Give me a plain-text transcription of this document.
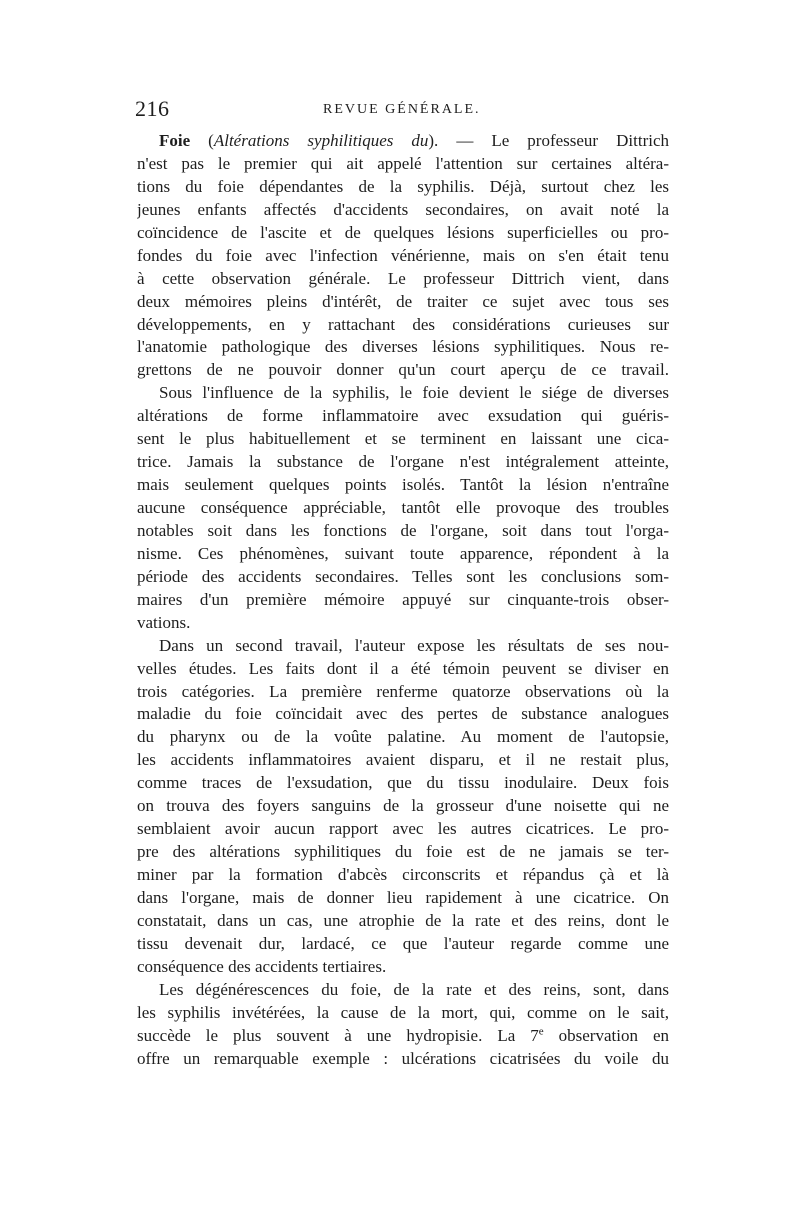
216	REVUE GÉNÉRALE.
Foie (Altérations syphilitiques du). — Le professeur Dittrich
n'est pas le premier qui ait appelé l'attention sur certaines altéra-
tions du foie dépendantes de la syphilis. Déjà, surtout chez les
jeunes enfants affectés d'accidents secondaires, on avait noté la
coïncidence de l'ascite et de quelques lésions superficielles ou pro-
fondes du foie avec l'infection vénérienne, mais on s'en était tenu
à cette observation générale. Le professeur Dittrich vient, dans
deux mémoires pleins d'intérêt, de traiter ce sujet avec tous ses
développements, en y rattachant des considérations curieuses sur
l'anatomie pathologique des diverses lésions syphilitiques. Nous re-
grettons de ne pouvoir donner qu'un court aperçu de ce travail.
Sous l'influence de la syphilis, le foie devient le siége de diverses
altérations de forme inflammatoire avec exsudation qui guéris-
sent le plus habituellement et se terminent en laissant une cica-
trice. Jamais la substance de l'organe n'est intégralement atteinte,
mais seulement quelques points isolés. Tantôt la lésion n'entraîne
aucune conséquence appréciable, tantôt elle provoque des troubles
notables soit dans les fonctions de l'organe, soit dans tout l'orga-
nisme. Ces phénomènes, suivant toute apparence, répondent à la
période des accidents secondaires. Telles sont les conclusions som-
maires d'un première mémoire appuyé sur cinquante-trois obser-
vations.
Dans un second travail, l'auteur expose les résultats de ses nou-
velles études. Les faits dont il a été témoin peuvent se diviser en
trois catégories. La première renferme quatorze observations où la
maladie du foie coïncidait avec des pertes de substance analogues
du pharynx ou de la voûte palatine. Au moment de l'autopsie,
les accidents inflammatoires avaient disparu, et il ne restait plus,
comme traces de l'exsudation, que du tissu inodulaire. Deux fois
on trouva des foyers sanguins de la grosseur d'une noisette qui ne
semblaient avoir aucun rapport avec les autres cicatrices. Le pro-
pre des altérations syphilitiques du foie est de ne jamais se ter-
miner par la formation d'abcès circonscrits et répandus çà et là
dans l'organe, mais de donner lieu rapidement à une cicatrice. On
constatait, dans un cas, une atrophie de la rate et des reins, dont le
tissu devenait dur, lardacé, ce que l'auteur regarde comme une
conséquence des accidents tertiaires.
Les dégénérescences du foie, de la rate et des reins, sont, dans
les syphilis invétérées, la cause de la mort, qui, comme on le sait,
succède le plus souvent à une hydropisie. La 7e observation en
offre un remarquable exemple : ulcérations cicatrisées du voile du
